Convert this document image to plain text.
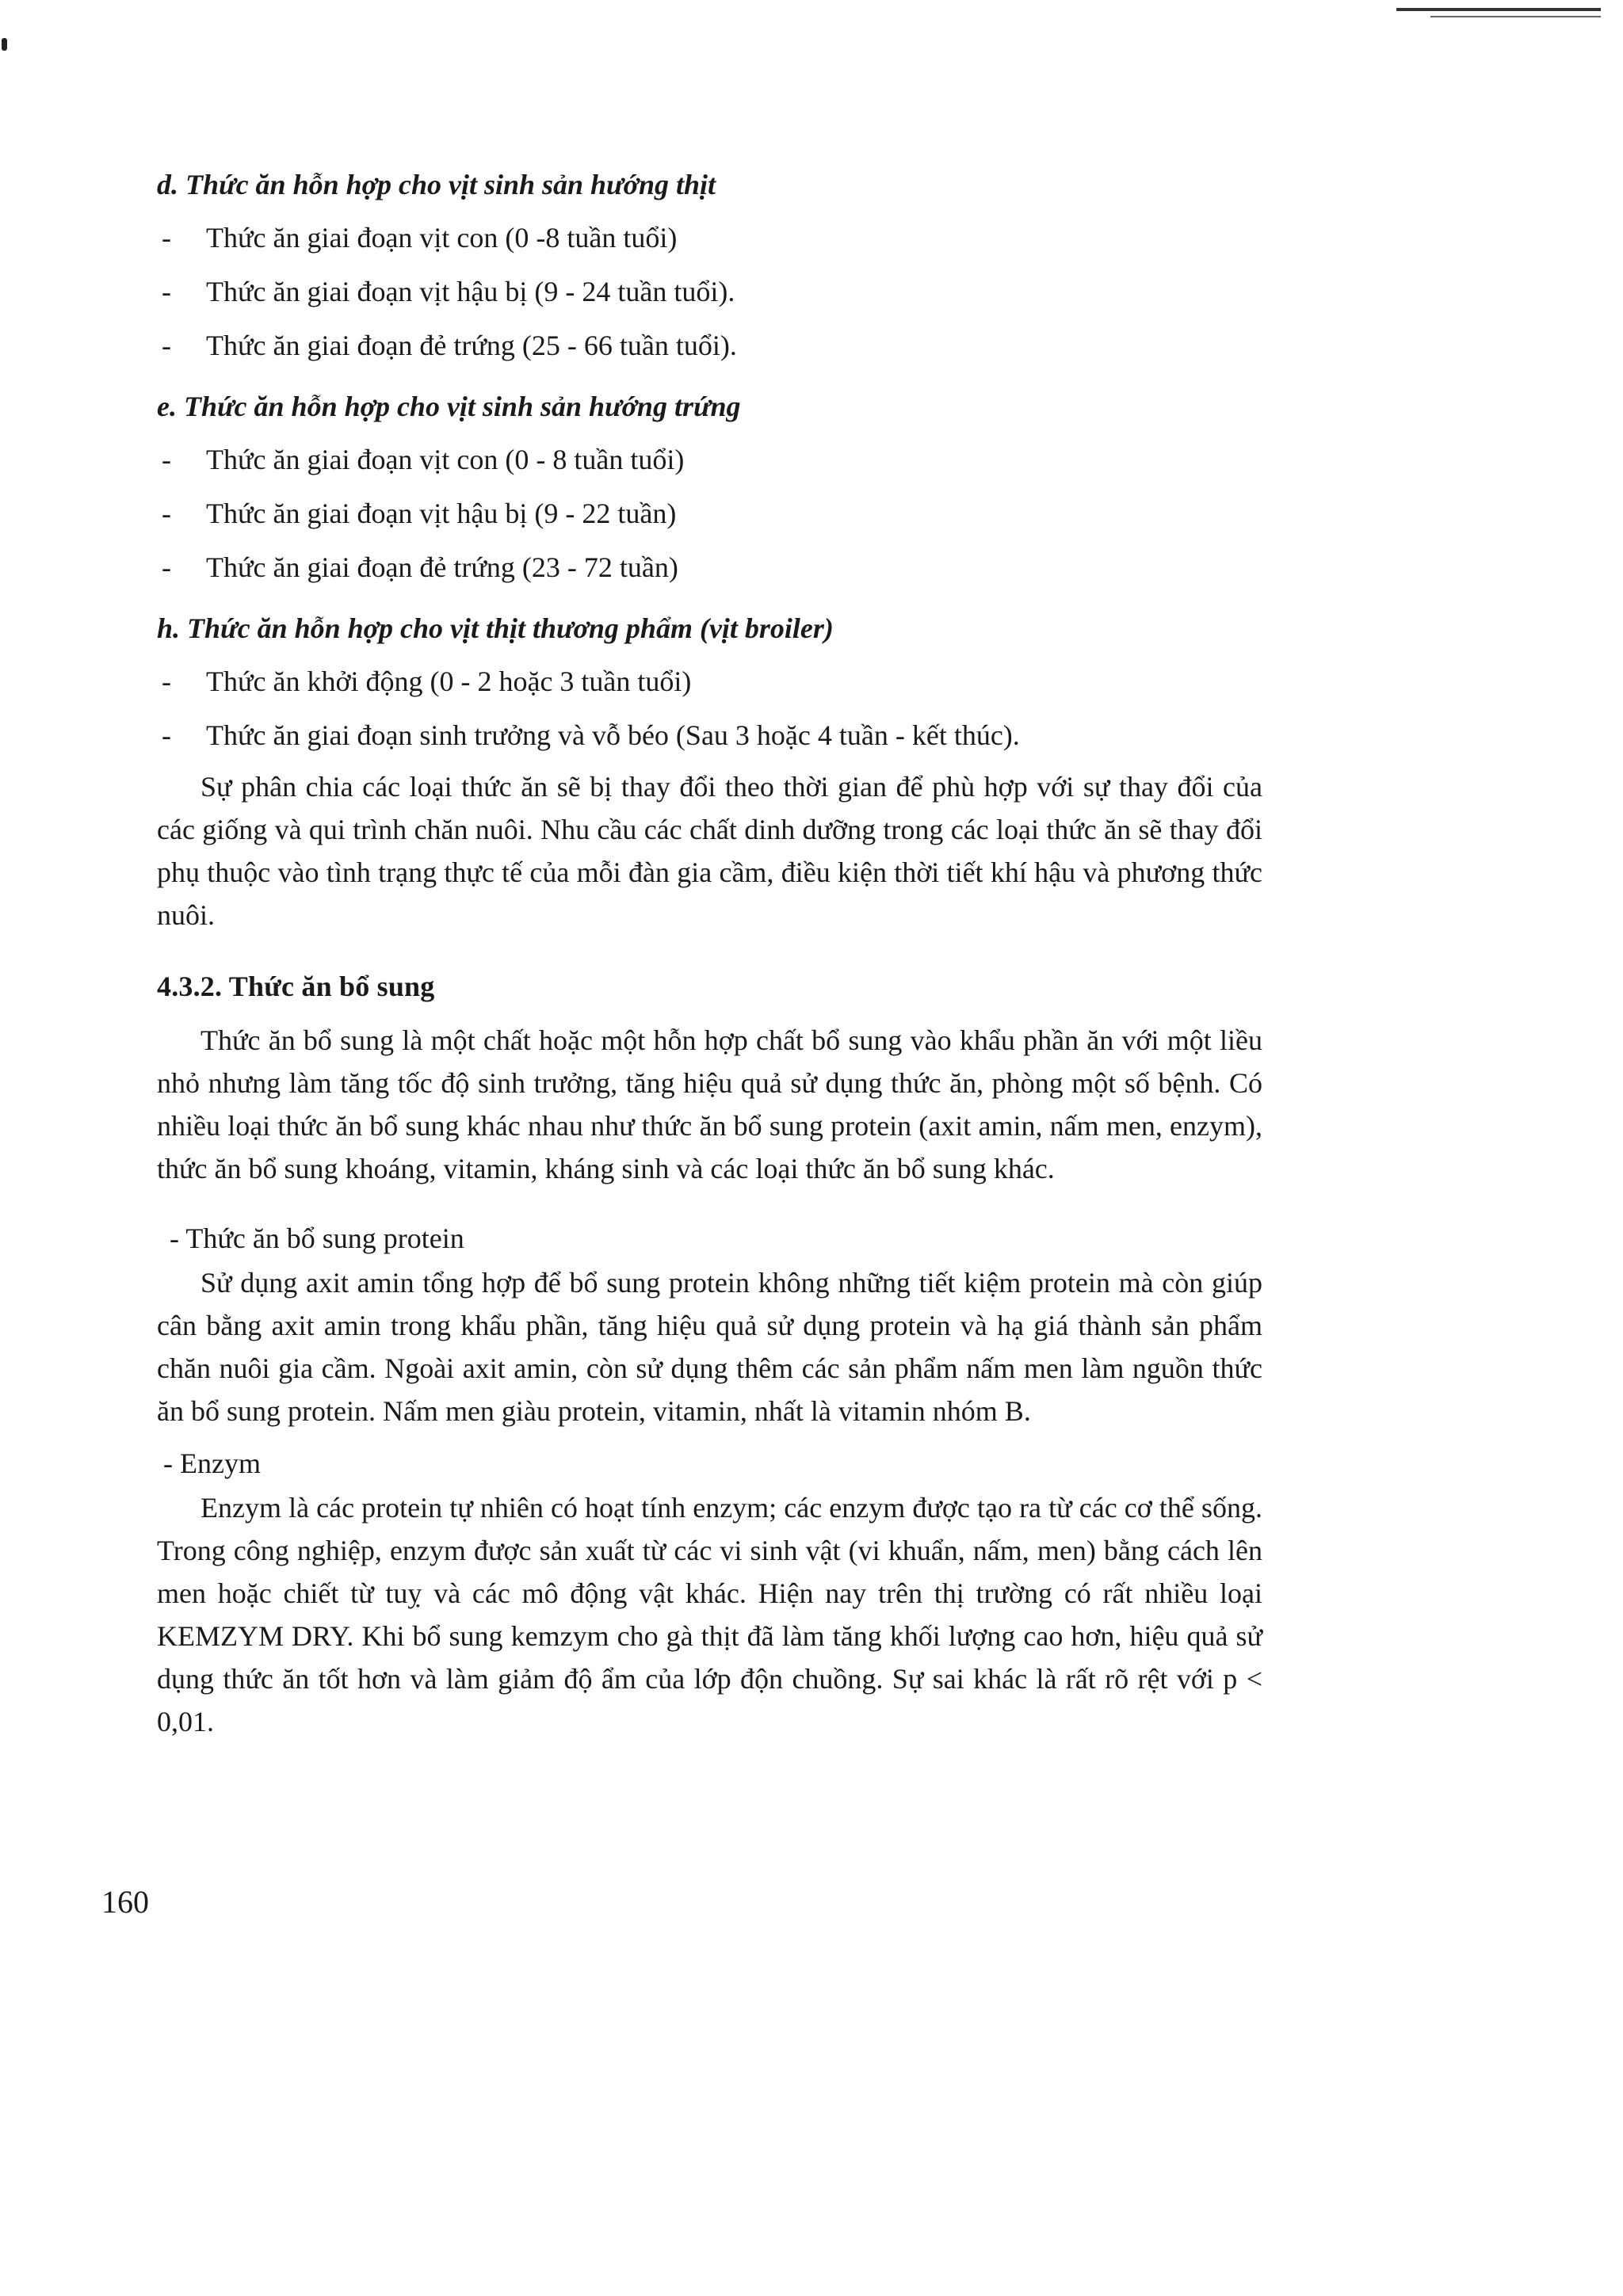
d. Thức ăn hỗn hợp cho vịt sinh sản hướng thịt

- Thức ăn giai đoạn vịt con (0 -8 tuần tuổi)
- Thức ăn giai đoạn vịt hậu bị (9 - 24 tuần tuổi).
- Thức ăn giai đoạn đẻ trứng (25 - 66 tuần tuổi).

e. Thức ăn hỗn hợp cho vịt sinh sản hướng trứng

- Thức ăn giai đoạn vịt con (0 - 8 tuần tuổi)
- Thức ăn giai đoạn vịt hậu bị (9 - 22 tuần)
- Thức ăn giai đoạn đẻ trứng (23 - 72 tuần)

h. Thức ăn hỗn hợp cho vịt thịt thương phẩm (vịt broiler)

- Thức ăn khởi động (0 - 2 hoặc 3 tuần tuổi)
- Thức ăn giai đoạn sinh trưởng và vỗ béo (Sau 3 hoặc 4 tuần - kết thúc).

Sự phân chia các loại thức ăn sẽ bị thay đổi theo thời gian để phù hợp với sự thay đổi của các giống và qui trình chăn nuôi. Nhu cầu các chất dinh dưỡng trong các loại thức ăn sẽ thay đổi phụ thuộc vào tình trạng thực tế của mỗi đàn gia cầm, điều kiện thời tiết khí hậu và phương thức nuôi.

4.3.2. Thức ăn bổ sung

Thức ăn bổ sung là một chất hoặc một hỗn hợp chất bổ sung vào khẩu phần ăn với một liều nhỏ nhưng làm tăng tốc độ sinh trưởng, tăng hiệu quả sử dụng thức ăn, phòng một số bệnh. Có nhiều loại thức ăn bổ sung khác nhau như thức ăn bổ sung protein (axit amin, nấm men, enzym), thức ăn bổ sung khoáng, vitamin, kháng sinh và các loại thức ăn bổ sung khác.

- Thức ăn bổ sung protein

Sử dụng axit amin tổng hợp để bổ sung protein không những tiết kiệm protein mà còn giúp cân bằng axit amin trong khẩu phần, tăng hiệu quả sử dụng protein và hạ giá thành sản phẩm chăn nuôi gia cầm. Ngoài axit amin, còn sử dụng thêm các sản phẩm nấm men làm nguồn thức ăn bổ sung protein. Nấm men giàu protein, vitamin, nhất là vitamin nhóm B.

- Enzym

Enzym là các protein tự nhiên có hoạt tính enzym; các enzym được tạo ra từ các cơ thể sống. Trong công nghiệp, enzym được sản xuất từ các vi sinh vật (vi khuẩn, nấm, men) bằng cách lên men hoặc chiết từ tuỵ và các mô động vật khác. Hiện nay trên thị trường có rất nhiều loại KEMZYM DRY. Khi bổ sung kemzym cho gà thịt đã làm tăng khối lượng cao hơn, hiệu quả sử dụng thức ăn tốt hơn và làm giảm độ ẩm của lớp độn chuồng. Sự sai khác là rất rõ rệt với p < 0,01.

160
